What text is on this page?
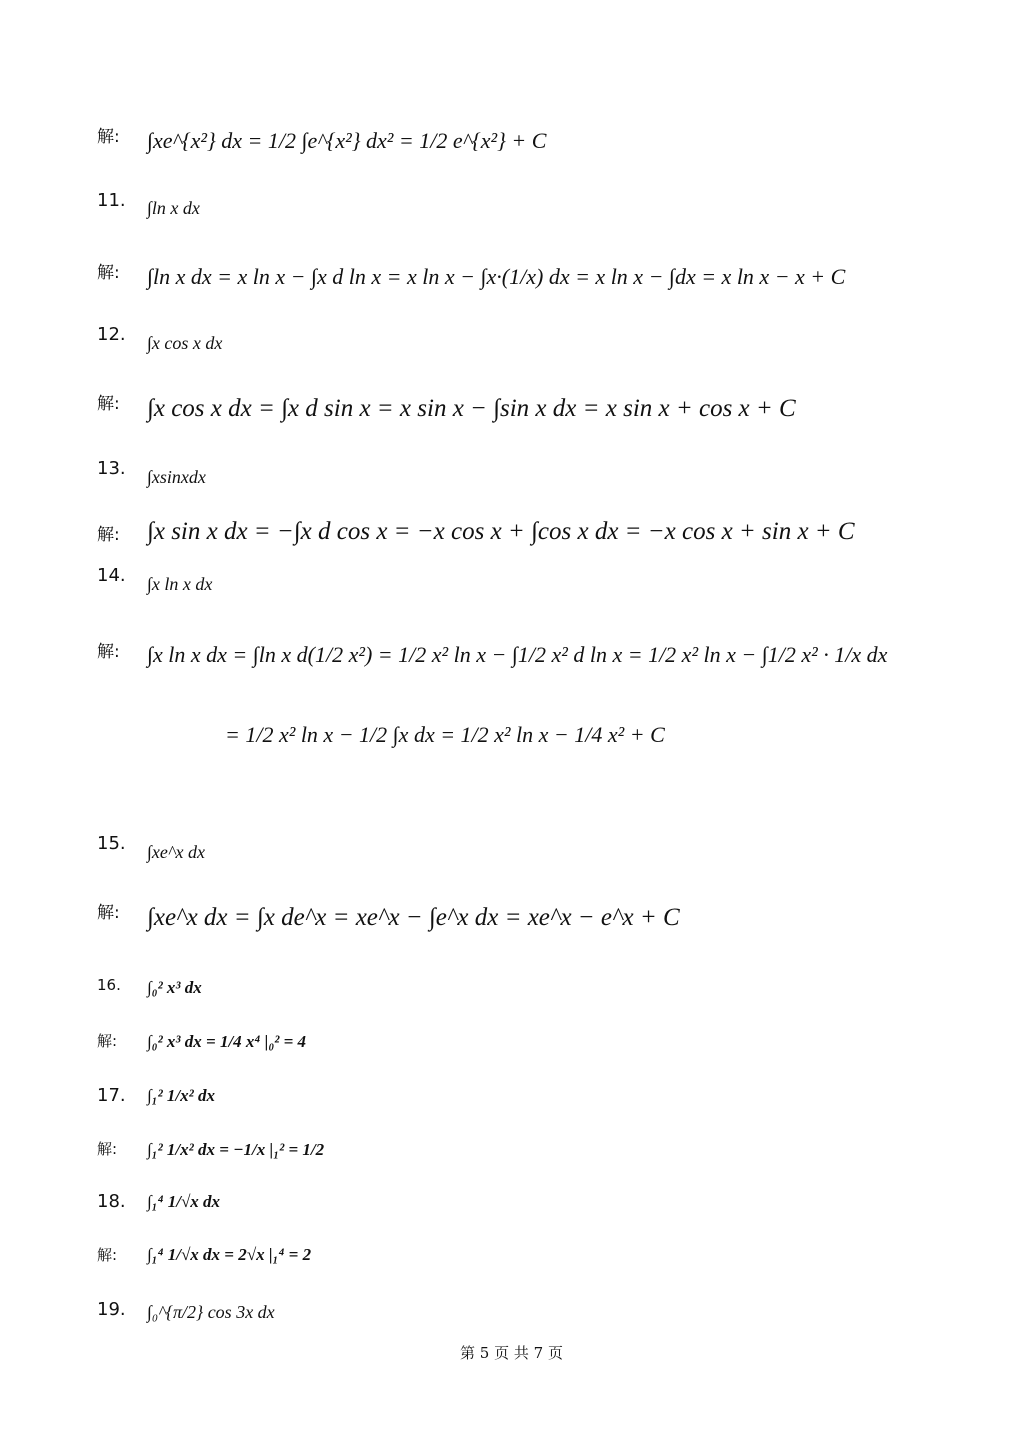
解:	∫xe^{x²} dx = 1/2 ∫e^{x²} dx² = 1/2 e^{x²} + C
11. ∫ln x dx
解:	∫ln x dx = x ln x − ∫x d ln x = x ln x − ∫x·(1/x) dx = x ln x − ∫dx = x ln x − x + C
12. ∫x cos x dx
解:	∫x cos x dx = ∫x d sin x = x sin x − ∫sin x dx = x sin x + cos x + C
13. ∫xsinxdx
解:	∫x sin x dx = −∫x d cos x = −x cos x + ∫cos x dx = −x cos x + sin x + C
14. ∫x ln x dx
解:	∫x ln x dx = ∫ln x d(1/2 x²) = 1/2 x² ln x − ∫1/2 x² d ln x = 1/2 x² ln x − ∫1/2 x² · 1/x dx
= 1/2 x² ln x − 1/2 ∫x dx = 1/2 x² ln x − 1/4 x² + C
15. ∫xe^x dx
解:	∫xe^x dx = ∫x de^x = xe^x − ∫e^x dx = xe^x − e^x + C
16. ∫₀² x³ dx
解:	∫₀² x³ dx = 1/4 x⁴ |₀² = 4
17. ∫₁² 1/x² dx
解:	∫₁² 1/x² dx = −1/x |₁² = 1/2
18. ∫₁⁴ 1/√x dx
解:	∫₁⁴ 1/√x dx = 2√x |₁⁴ = 2
19. ∫₀^{π/2} cos 3x dx
第 5 页 共 7 页
